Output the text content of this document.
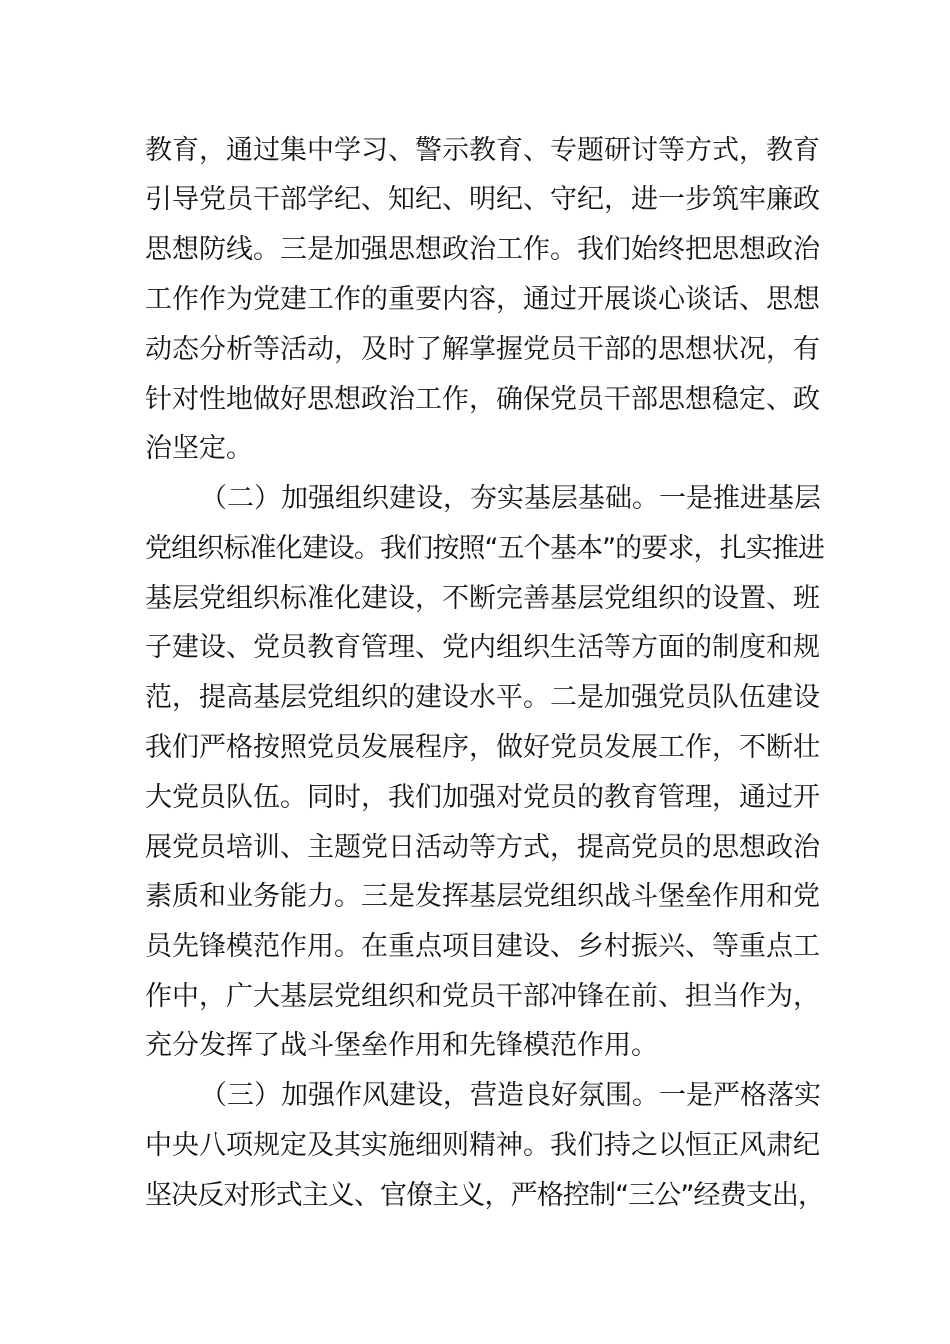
教育，通过集中学习、警示教育、专题研讨等方式，教育
引导党员干部学纪、知纪、明纪、守纪，进一步筑牢廉政
思想防线。三是加强思想政治工作。我们始终把思想政治
工作作为党建工作的重要内容，通过开展谈心谈话、思想
动态分析等活动，及时了解掌握党员干部的思想状况，有
针对性地做好思想政治工作，确保党员干部思想稳定、政
治坚定。
（二）加强组织建设，夯实基层基础。一是推进基层
党组织标准化建设。我们按照“五个基本”的要求，扎实推进
基层党组织标准化建设，不断完善基层党组织的设置、班
子建设、党员教育管理、党内组织生活等方面的制度和规
范，提高基层党组织的建设水平。二是加强党员队伍建设
我们严格按照党员发展程序，做好党员发展工作，不断壮
大党员队伍。同时，我们加强对党员的教育管理，通过开
展党员培训、主题党日活动等方式，提高党员的思想政治
素质和业务能力。三是发挥基层党组织战斗堡垒作用和党
员先锋模范作用。在重点项目建设、乡村振兴、等重点工
作中，广大基层党组织和党员干部冲锋在前、担当作为，
充分发挥了战斗堡垒作用和先锋模范作用。
（三）加强作风建设，营造良好氛围。一是严格落实
中央八项规定及其实施细则精神。我们持之以恒正风肃纪
坚决反对形式主义、官僚主义，严格控制“三公”经费支出，
